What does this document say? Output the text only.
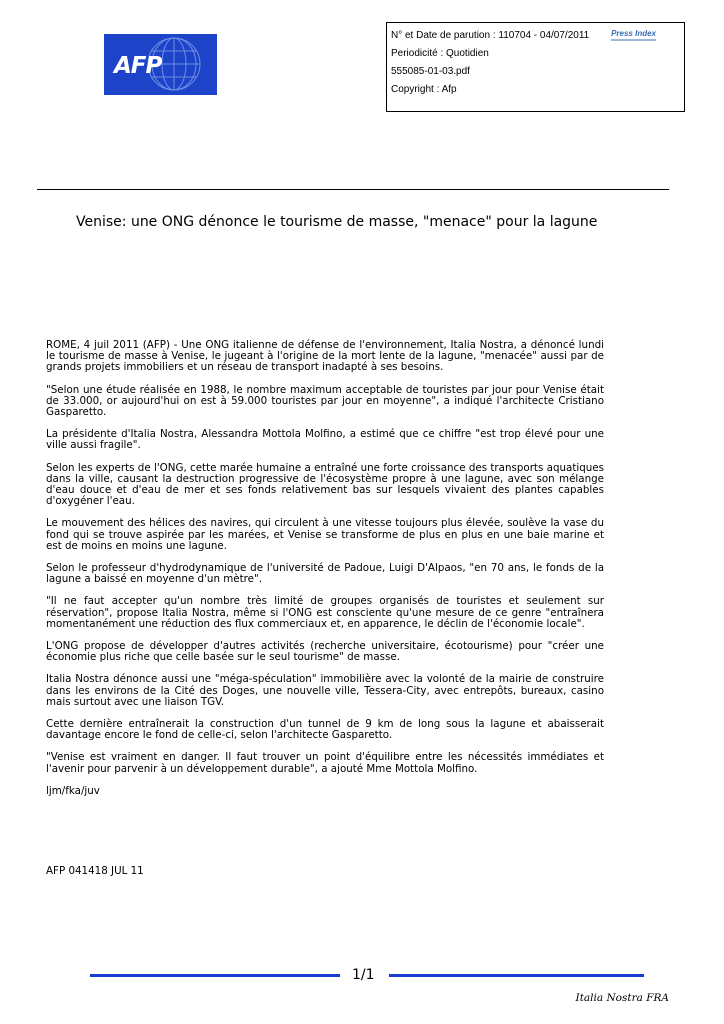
AFP
N° et Date de parution : 110704 - 04/07/2011
Periodicité : Quotidien
555085-01-03.pdf
Copyright : Afp
Press Index
Venise: une ONG dénonce le tourisme de masse, "menace" pour la lagune

ROME, 4 juil 2011 (AFP) - Une ONG italienne de défense de l'environnement, Italia Nostra, a dénoncé lundi le tourisme de masse à Venise, le jugeant à l'origine de la mort lente de la lagune, "menacée" aussi par de grands projets immobiliers et un réseau de transport inadapté à ses besoins.

"Selon une étude réalisée en 1988, le nombre maximum acceptable de touristes par jour pour Venise était de 33.000, or aujourd'hui on est à 59.000 touristes par jour en moyenne", a indiqué l'architecte Cristiano Gasparetto.

La présidente d'Italia Nostra, Alessandra Mottola Molfino, a estimé que ce chiffre "est trop élevé pour une ville aussi fragile".

Selon les experts de l'ONG, cette marée humaine a entraîné une forte croissance des transports aquatiques dans la ville, causant la destruction progressive de l'écosystème propre à une lagune, avec son mélange d'eau douce et d'eau de mer et ses fonds relativement bas sur lesquels vivaient des plantes capables d'oxygéner l'eau.

Le mouvement des hélices des navires, qui circulent à une vitesse toujours plus élevée, soulève la vase du fond qui se trouve aspirée par les marées, et Venise se transforme de plus en plus en une baie marine et est de moins en moins une lagune.

Selon le professeur d'hydrodynamique de l'université de Padoue, Luigi D'Alpaos, "en 70 ans, le fonds de la lagune a baissé en moyenne d'un mètre".

"Il ne faut accepter qu'un nombre très limité de groupes organisés de touristes et seulement sur réservation", propose Italia Nostra, même si l'ONG est consciente qu'une mesure de ce genre "entraînera momentanément une réduction des flux commerciaux et, en apparence, le déclin de l'économie locale".

L'ONG propose de développer d'autres activités (recherche universitaire, écotourisme) pour "créer une économie plus riche que celle basée sur le seul tourisme" de masse.

Italia Nostra dénonce aussi une "méga-spéculation" immobilière avec la volonté de la mairie de construire dans les environs de la Cité des Doges, une nouvelle ville, Tessera-City, avec entrepôts, bureaux, casino mais surtout avec une liaison TGV.

Cette dernière entraînerait la construction d'un tunnel de 9 km de long sous la lagune et abaisserait davantage encore le fond de celle-ci, selon l'architecte Gasparetto.

"Venise est vraiment en danger. Il faut trouver un point d'équilibre entre les nécessités immédiates et l'avenir pour parvenir à un développement durable", a ajouté Mme Mottola Molfino.

ljm/fka/juv

AFP 041418 JUL 11
1/1
Italia Nostra FRA
